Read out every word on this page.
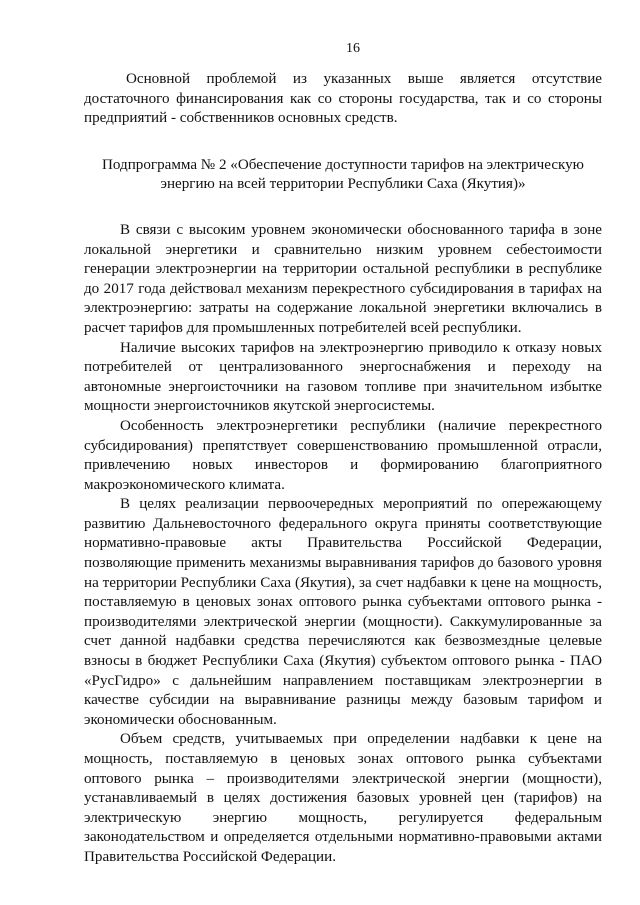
16

Основной проблемой из указанных выше является отсутствие достаточного финансирования как со стороны государства, так и со стороны предприятий - собственников основных средств.

Подпрограмма № 2 «Обеспечение доступности тарифов на электрическую энергию на всей территории Республики Саха (Якутия)»

В связи с высоким уровнем экономически обоснованного тарифа в зоне локальной энергетики и сравнительно низким уровнем себестоимости генерации электроэнергии на территории остальной республики в республике до 2017 года действовал механизм перекрестного субсидирования в тарифах на электроэнергию: затраты на содержание локальной энергетики включались в расчет тарифов для промышленных потребителей всей республики.

Наличие высоких тарифов на электроэнергию приводило к отказу новых потребителей от централизованного энергоснабжения и переходу на автономные энергоисточники на газовом топливе при значительном избытке мощности энергоисточников якутской энергосистемы.

Особенность электроэнергетики республики (наличие перекрестного субсидирования) препятствует совершенствованию промышленной отрасли, привлечению новых инвесторов и формированию благоприятного макроэкономического климата.

В целях реализации первоочередных мероприятий по опережающему развитию Дальневосточного федерального округа приняты соответствующие нормативно-правовые акты Правительства Российской Федерации, позволяющие применить механизмы выравнивания тарифов до базового уровня на территории Республики Саха (Якутия), за счет надбавки к цене на мощность, поставляемую в ценовых зонах оптового рынка субъектами оптового рынка - производителями электрической энергии (мощности). Саккумулированные за счет данной надбавки средства перечисляются как безвозмездные целевые взносы в бюджет Республики Саха (Якутия) субъектом оптового рынка - ПАО «РусГидро» с дальнейшим направлением поставщикам электроэнергии в качестве субсидии на выравнивание разницы между базовым тарифом и экономически обоснованным.

Объем средств, учитываемых при определении надбавки к цене на мощность, поставляемую в ценовых зонах оптового рынка субъектами оптового рынка – производителями электрической энергии (мощности), устанавливаемый в целях достижения базовых уровней цен (тарифов) на электрическую энергию мощность, регулируется федеральным законодательством и определяется отдельными нормативно-правовыми актами Правительства Российской Федерации.
